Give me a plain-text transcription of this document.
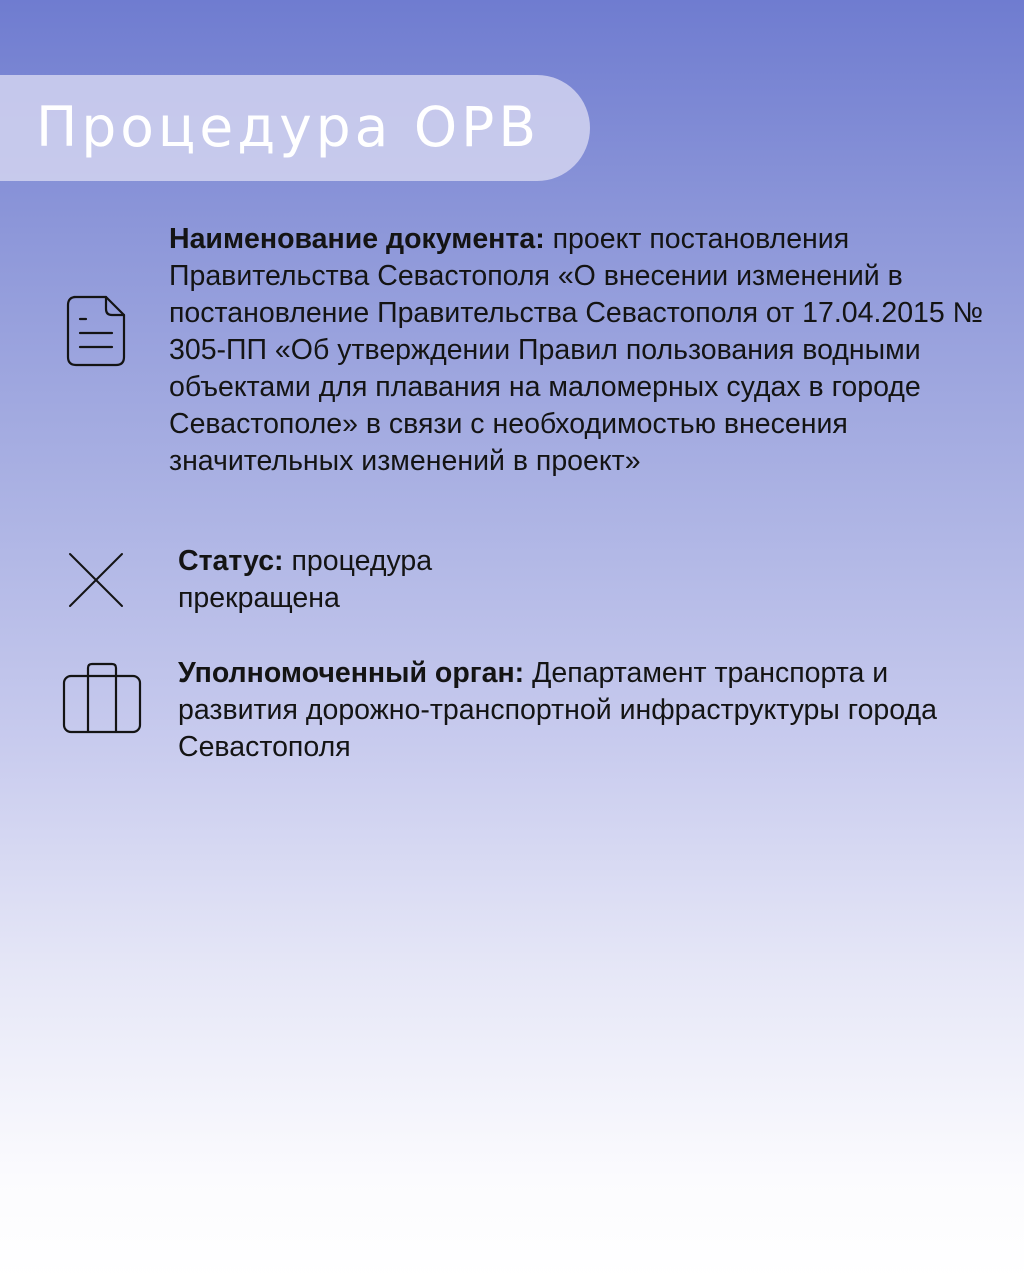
Процедура ОРВ

Наименование документа: проект постановления Правительства Севастополя «О внесении изменений в постановление Правительства Севастополя от 17.04.2015 № 305-ПП «Об утверждении Правил пользования водными объектами для плавания на маломерных судах в городе Севастополе» в связи с необходимостью внесения значительных изменений в проект»

Статус: процедура прекращена

Уполномоченный орган: Департамент транспорта и развития дорожно-транспортной инфраструктуры города Севастополя
